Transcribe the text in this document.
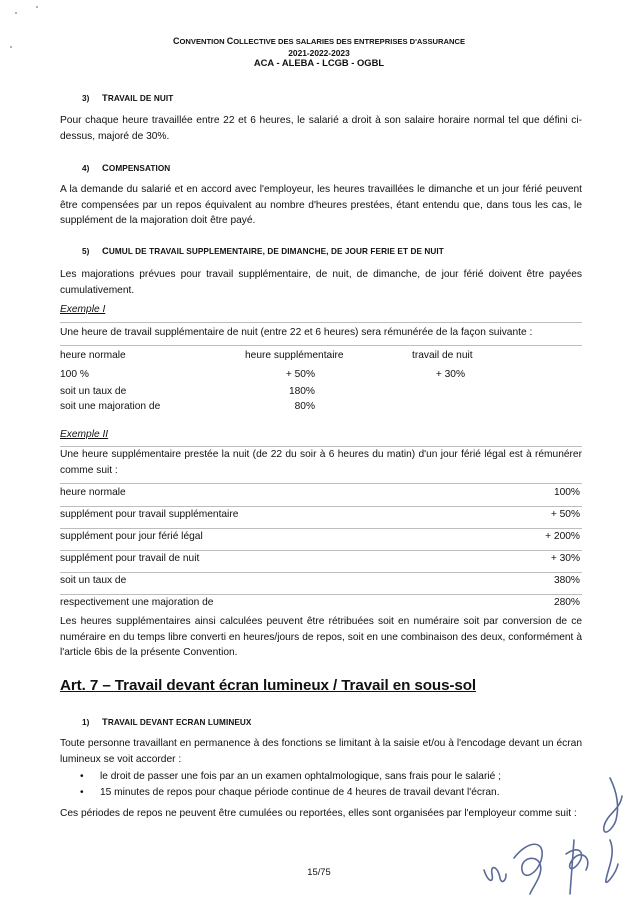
CONVENTION COLLECTIVE DES SALARIES DES ENTREPRISES D'ASSURANCE
2021-2022-2023
ACA - ALEBA - LCGB - OGBL
3) TRAVAIL DE NUIT
Pour chaque heure travaillée entre 22 et 6 heures, le salarié a droit à son salaire horaire normal tel que défini ci-dessus, majoré de 30%.
4) COMPENSATION
A la demande du salarié et en accord avec l'employeur, les heures travaillées le dimanche et un jour férié peuvent être compensées par un repos équivalent au nombre d'heures prestées, étant entendu que, dans tous les cas, le supplément de la majoration doit être payé.
5) CUMUL DE TRAVAIL SUPPLEMENTAIRE, DE DIMANCHE, DE JOUR FERIE ET DE NUIT
Les majorations prévues pour travail supplémentaire, de nuit, de dimanche, de jour férié doivent être payées cumulativement.
Exemple I
Une heure de travail supplémentaire de nuit (entre 22 et 6 heures) sera rémunérée de la façon suivante :
heure normale	heure supplémentaire	travail de nuit
100 %	+ 50%	+ 30%
soit un taux de	180%
soit une majoration de	80%
Exemple II
Une heure supplémentaire prestée la nuit (de 22 du soir à 6 heures du matin) d'un jour férié légal est à rémunérer comme suit :
heure normale	100%
supplément pour travail supplémentaire	+ 50%
supplément pour jour férié légal	+ 200%
supplément pour travail de nuit	+ 30%
soit un taux de	380%
respectivement une majoration de	280%
Les heures supplémentaires ainsi calculées peuvent être rétribuées soit en numéraire soit par conversion de ce numéraire en du temps libre converti en heures/jours de repos, soit en une combinaison des deux, conformément à l'article 6bis de la présente Convention.
Art. 7 – Travail devant écran lumineux / Travail en sous-sol
1) TRAVAIL DEVANT ECRAN LUMINEUX
Toute personne travaillant en permanence à des fonctions se limitant à la saisie et/ou à l'encodage devant un écran lumineux se voit accorder :
• le droit de passer une fois par an un examen ophtalmologique, sans frais pour le salarié ;
• 15 minutes de repos pour chaque période continue de 4 heures de travail devant l'écran.
Ces périodes de repos ne peuvent être cumulées ou reportées, elles sont organisées par l'employeur comme suit :
15/75
